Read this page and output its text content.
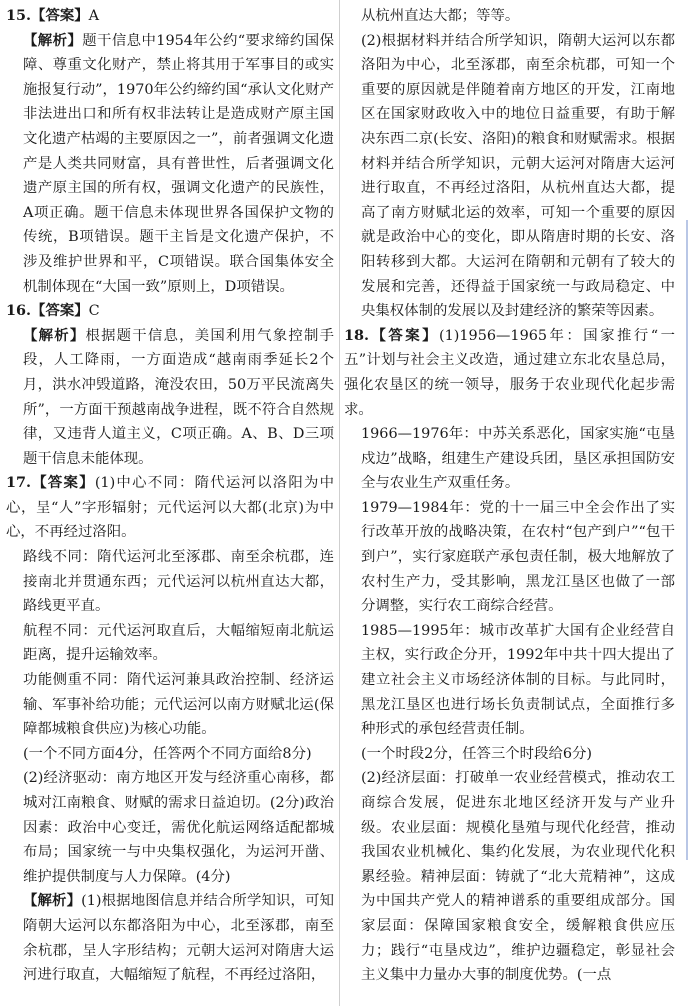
15.【答案】A

【解析】题干信息中1954年公约“要求缔约国保障、尊重文化财产，禁止将其用于军事目的或实施报复行动”，1970年公约缔约国“承认文化财产非法进出口和所有权非法转让是造成财产原主国文化遗产枯竭的主要原因之一”，前者强调文化遗产是人类共同财富，具有普世性，后者强调文化遗产原主国的所有权，强调文化遗产的民族性，A项正确。题干信息未体现世界各国保护文物的传统，B项错误。题干主旨是文化遗产保护，不涉及维护世界和平，C项错误。联合国集体安全机制体现在“大国一致”原则上，D项错误。

16.【答案】C

【解析】根据题干信息，美国利用气象控制手段，人工降雨，一方面造成“越南雨季延长2个月，洪水冲毁道路，淹没农田，50万平民流离失所”，一方面干预越南战争进程，既不符合自然规律，又违背人道主义，C项正确。A、B、D三项题干信息未能体现。

17.【答案】(1)中心不同：隋代运河以洛阳为中心，呈“人”字形辐射；元代运河以大都(北京)为中心，不再经过洛阳。

路线不同：隋代运河北至涿郡、南至余杭郡，连接南北并贯通东西；元代运河以杭州直达大都，路线更平直。

航程不同：元代运河取直后，大幅缩短南北航运距离，提升运输效率。

功能侧重不同：隋代运河兼具政治控制、经济运输、军事补给功能；元代运河以南方财赋北运(保障都城粮食供应)为核心功能。

(一个不同方面4分，任答两个不同方面给8分)

(2)经济驱动：南方地区开发与经济重心南移，都城对江南粮食、财赋的需求日益迫切。(2分)政治因素：政治中心变迁，需优化航运网络适配都城布局；国家统一与中央集权强化，为运河开凿、维护提供制度与人力保障。(4分)

【解析】(1)根据地图信息并结合所学知识，可知隋朝大运河以东都洛阳为中心，北至涿郡，南至余杭郡，呈人字形结构；元朝大运河对隋唐大运河进行取直，大幅缩短了航程，不再经过洛阳，

从杭州直达大都；等等。

(2)根据材料并结合所学知识，隋朝大运河以东都洛阳为中心，北至涿郡，南至余杭郡，可知一个重要的原因就是伴随着南方地区的开发，江南地区在国家财政收入中的地位日益重要，有助于解决东西二京(长安、洛阳)的粮食和财赋需求。根据材料并结合所学知识，元朝大运河对隋唐大运河进行取直，不再经过洛阳，从杭州直达大都，提高了南方财赋北运的效率，可知一个重要的原因就是政治中心的变化，即从隋唐时期的长安、洛阳转移到大都。大运河在隋朝和元朝有了较大的发展和完善，还得益于国家统一与政局稳定、中央集权体制的发展以及封建经济的繁荣等因素。

18.【答案】(1)1956—1965年：国家推行“一五”计划与社会主义改造，通过建立东北农垦总局，强化农垦区的统一领导，服务于农业现代化起步需求。

1966—1976年：中苏关系恶化，国家实施“屯垦戍边”战略，组建生产建设兵团，垦区承担国防安全与农业生产双重任务。

1979—1984年：党的十一届三中全会作出了实行改革开放的战略决策，在农村“包产到户”“包干到户”，实行家庭联产承包责任制，极大地解放了农村生产力，受其影响，黑龙江垦区也做了一部分调整，实行农工商综合经营。

1985—1995年：城市改革扩大国有企业经营自主权，实行政企分开，1992年中共十四大提出了建立社会主义市场经济体制的目标。与此同时，黑龙江垦区也进行场长负责制试点，全面推行多种形式的承包经营责任制。

(一个时段2分，任答三个时段给6分)

(2)经济层面：打破单一农业经营模式，推动农工商综合发展，促进东北地区经济开发与产业升级。农业层面：规模化垦殖与现代化经营，推动我国农业机械化、集约化发展，为农业现代化积累经验。精神层面：铸就了“北大荒精神”，这成为中国共产党人的精神谱系的重要组成部分。国家层面：保障国家粮食安全，缓解粮食供应压力；践行“屯垦戍边”，维护边疆稳定，彰显社会主义集中力量办大事的制度优势。(一点
